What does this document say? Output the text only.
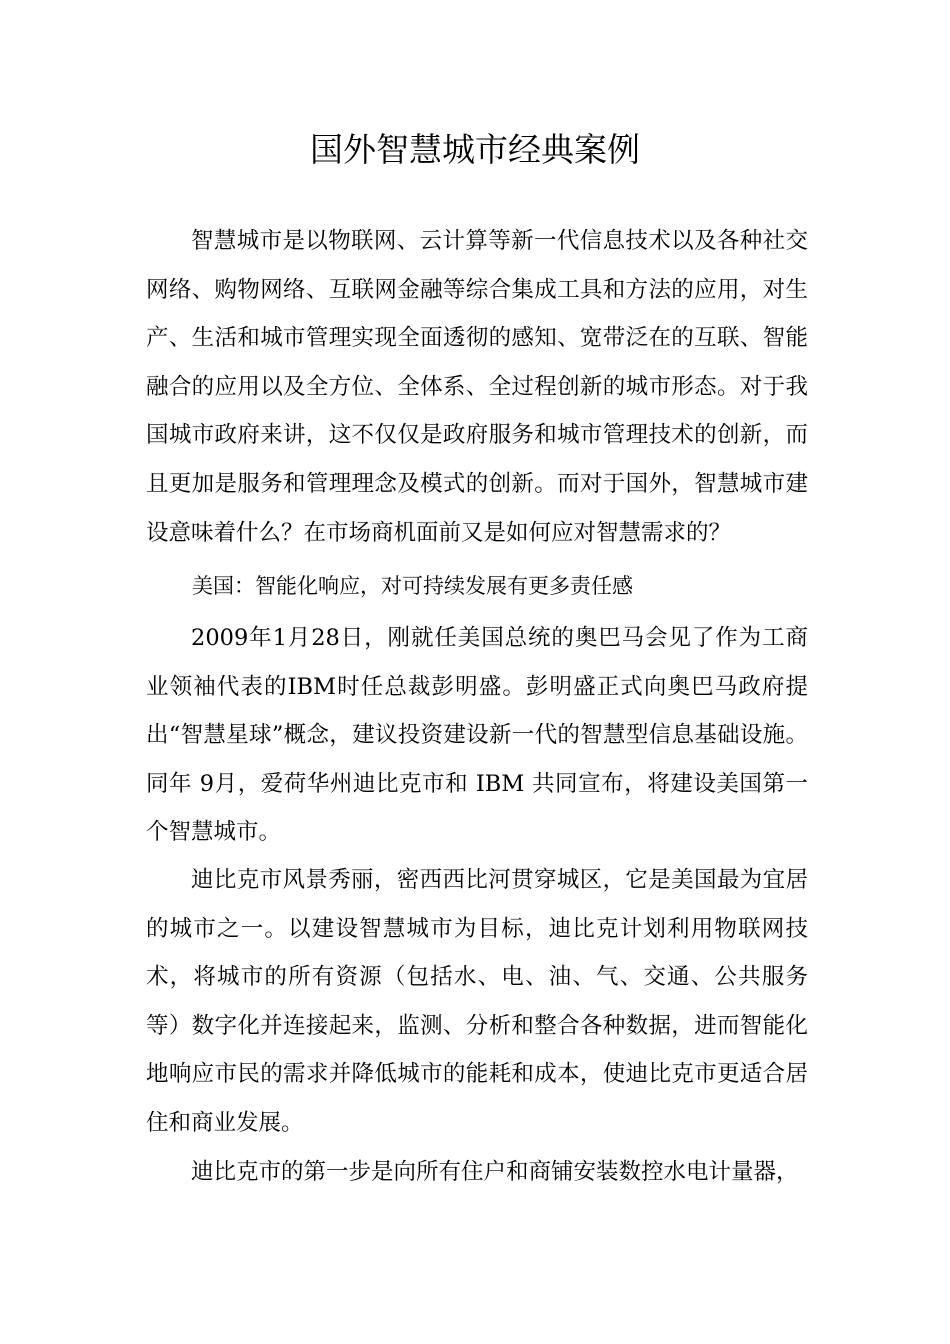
国外智慧城市经典案例

智慧城市是以物联网、云计算等新一代信息技术以及各种社交网络、购物网络、互联网金融等综合集成工具和方法的应用，对生产、生活和城市管理实现全面透彻的感知、宽带泛在的互联、智能融合的应用以及全方位、全体系、全过程创新的城市形态。对于我国城市政府来讲，这不仅仅是政府服务和城市管理技术的创新，而且更加是服务和管理理念及模式的创新。而对于国外，智慧城市建设意味着什么？在市场商机面前又是如何应对智慧需求的？

美国：智能化响应，对可持续发展有更多责任感

2009年1月28日，刚就任美国总统的奥巴马会见了作为工商业领袖代表的IBM时任总裁彭明盛。彭明盛正式向奥巴马政府提出“智慧星球”概念，建议投资建设新一代的智慧型信息基础设施。同年 9月，爱荷华州迪比克市和 IBM 共同宣布，将建设美国第一个智慧城市。

迪比克市风景秀丽，密西西比河贯穿城区，它是美国最为宜居的城市之一。以建设智慧城市为目标，迪比克计划利用物联网技术，将城市的所有资源（包括水、电、油、气、交通、公共服务等）数字化并连接起来，监测、分析和整合各种数据，进而智能化地响应市民的需求并降低城市的能耗和成本，使迪比克市更适合居住和商业发展。

迪比克市的第一步是向所有住户和商铺安装数控水电计量器，
